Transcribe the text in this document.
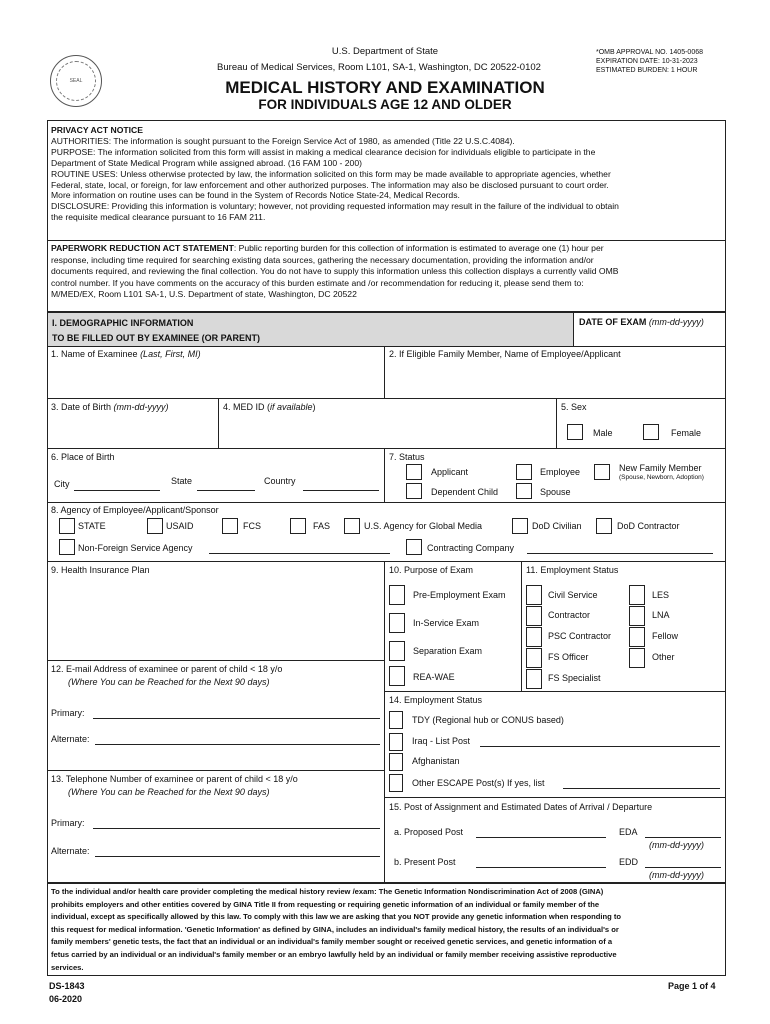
SEAL
U.S. Department of State
Bureau of Medical Services, Room L101, SA-1, Washington, DC 20522-0102
*OMB APPROVAL NO. 1405-0068
EXPIRATION DATE: 10-31-2023
ESTIMATED BURDEN: 1 HOUR
MEDICAL HISTORY AND EXAMINATION
FOR INDIVIDUALS AGE 12 AND OLDER
PRIVACY ACT NOTICE
AUTHORITIES: The information is sought pursuant to the Foreign Service Act of 1980, as amended (Title 22 U.S.C.4084).
PURPOSE: The information solicited from this form will assist in making a medical clearance decision for individuals eligible to participate in the
Department of State Medical Program while assigned abroad. (16 FAM 100 - 200)
ROUTINE USES: Unless otherwise protected by law, the information solicited on this form may be made available to appropriate agencies, whether
Federal, state, local, or foreign, for law enforcement and other authorized purposes. The information may also be disclosed pursuant to court order.
More information on routine uses can be found in the System of Records Notice State-24, Medical Records.
DISCLOSURE: Providing this information is voluntary; however, not providing requested information may result in the failure of the individual to obtain
the requisite medical clearance pursuant to 16 FAM 211.
PAPERWORK REDUCTION ACT STATEMENT: Public reporting burden for this collection of information is estimated to average one (1) hour per
response, including time required for searching existing data sources, gathering the necessary documentation, providing the information and/or
documents required, and reviewing the final collection. You do not have to supply this information unless this collection displays a currently valid OMB
control number. If you have comments on the accuracy of this burden estimate and /or recommendation for reducing it, please send them to:
M/MED/EX, Room L101 SA-1, U.S. Department of state, Washington, DC 20522
I. DEMOGRAPHIC INFORMATION
TO BE FILLED OUT BY EXAMINEE (OR PARENT)
DATE OF EXAM (mm-dd-yyyy)
1. Name of Examinee (Last, First, MI)	2. If Eligible Family Member, Name of Employee/Applicant
3. Date of Birth (mm-dd-yyyy)	4. MED ID (if available)	5. Sex
Male	Female
6. Place of Birth
City	State	Country
7. Status
Applicant	Employee	New Family Member
(Spouse, Newborn, Adoption)
Dependent Child	Spouse
8. Agency of Employee/Applicant/Sponsor
STATE	USAID	FCS	FAS	U.S. Agency for Global Media	DoD Civilian	DoD Contractor
Non-Foreign Service Agency	Contracting Company
9. Health Insurance Plan	10. Purpose of Exam	11. Employment Status
Pre-Employment Exam
In-Service Exam
Separation Exam
REA-WAE
Civil Service
Contractor
PSC Contractor
FS Officer
FS Specialist
LES
LNA
Fellow
Other
12. E-mail Address of examinee or parent of child < 18 y/o
(Where You can be Reached for the Next 90 days)
Primary:
Alternate:
14. Employment Status
TDY (Regional hub or CONUS based)
Iraq - List Post
Afghanistan
Other ESCAPE Post(s) If yes, list
13. Telephone Number of examinee or parent of child < 18 y/o
(Where You can be Reached for the Next 90 days)
Primary:
Alternate:
15. Post of Assignment and Estimated Dates of Arrival / Departure
a. Proposed Post	EDA
(mm-dd-yyyy)
b. Present Post	EDD
(mm-dd-yyyy)
To the individual and/or health care provider completing the medical history review /exam: The Genetic Information Nondiscrimination Act of 2008 (GINA)
prohibits employers and other entities covered by GINA Title II from requesting or requiring genetic information of an individual or family member of the
individual, except as specifically allowed by this law. To comply with this law we are asking that you NOT provide any genetic information when responding to
this request for medical information. 'Genetic Information' as defined by GINA, includes an individual's family medical history, the results of an individual's or
family members' genetic tests, the fact that an individual or an individual's family member sought or received genetic services, and genetic information of a
fetus carried by an individual or an individual's family member or an embryo lawfully held by an individual or family member receiving assistive reproductive
services.
DS-1843
06-2020
Page 1 of 4
